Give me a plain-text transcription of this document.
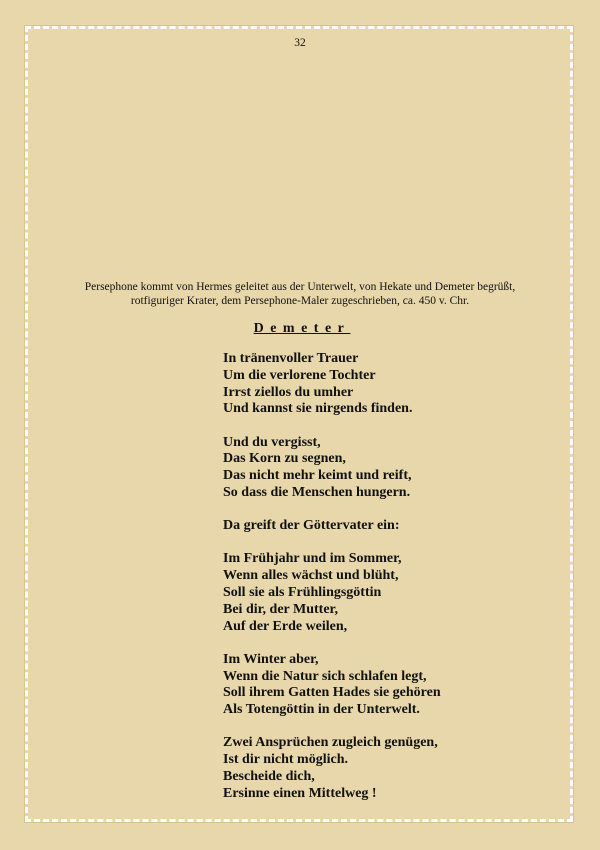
32
Persephone kommt von Hermes geleitet aus der Unterwelt, von Hekate und Demeter begrüßt,
rotfiguriger Krater, dem Persephone-Maler zugeschrieben, ca. 450 v. Chr.
Demeter
In tränenvoller Trauer
Um die verlorene Tochter
Irrst ziellos du umher
Und kannst sie nirgends finden.
Und du vergisst,
Das Korn zu segnen,
Das nicht mehr keimt und reift,
So dass die Menschen hungern.
Da greift der Göttervater ein:
Im Frühjahr und im Sommer,
Wenn alles wächst und blüht,
Soll sie als Frühlingsgöttin
Bei dir, der Mutter,
Auf der Erde weilen,
Im Winter aber,
Wenn die Natur sich schlafen legt,
Soll ihrem Gatten Hades sie gehören
Als Totengöttin in der Unterwelt.
Zwei Ansprüchen zugleich genügen,
Ist dir nicht möglich.
Bescheide dich,
Ersinne einen Mittelweg !
